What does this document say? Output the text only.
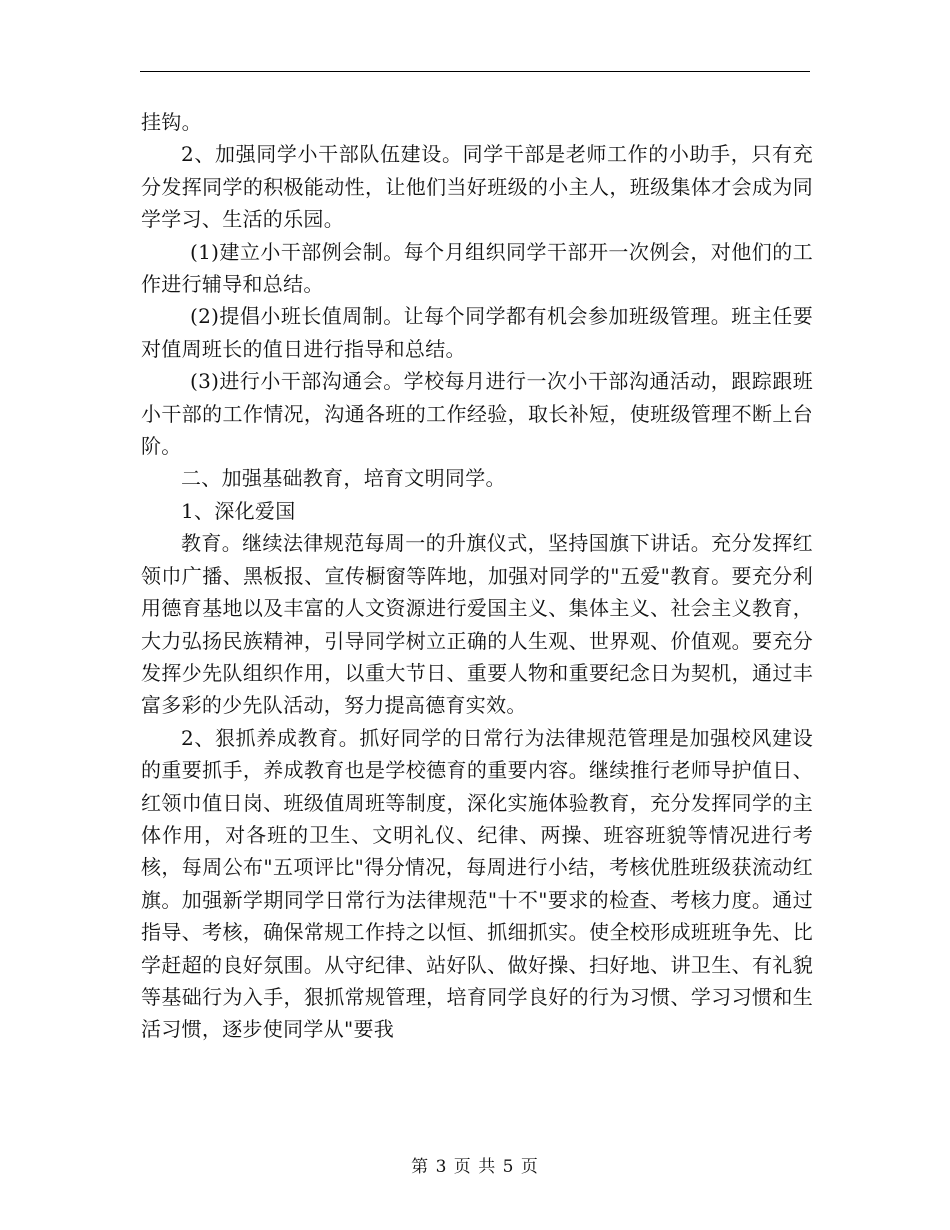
挂钩。

2、加强同学小干部队伍建设。同学干部是老师工作的小助手，只有充分发挥同学的积极能动性，让他们当好班级的小主人，班级集体才会成为同学学习、生活的乐园。

(1)建立小干部例会制。每个月组织同学干部开一次例会，对他们的工作进行辅导和总结。

(2)提倡小班长值周制。让每个同学都有机会参加班级管理。班主任要对值周班长的值日进行指导和总结。

(3)进行小干部沟通会。学校每月进行一次小干部沟通活动，跟踪跟班小干部的工作情况，沟通各班的工作经验，取长补短，使班级管理不断上台阶。

二、加强基础教育，培育文明同学。

1、深化爱国

教育。继续法律规范每周一的升旗仪式，坚持国旗下讲话。充分发挥红领巾广播、黑板报、宣传橱窗等阵地，加强对同学的"五爱"教育。要充分利用德育基地以及丰富的人文资源进行爱国主义、集体主义、社会主义教育，大力弘扬民族精神，引导同学树立正确的人生观、世界观、价值观。要充分发挥少先队组织作用，以重大节日、重要人物和重要纪念日为契机，通过丰富多彩的少先队活动，努力提高德育实效。

2、狠抓养成教育。抓好同学的日常行为法律规范管理是加强校风建设的重要抓手，养成教育也是学校德育的重要内容。继续推行老师导护值日、红领巾值日岗、班级值周班等制度，深化实施体验教育，充分发挥同学的主体作用，对各班的卫生、文明礼仪、纪律、两操、班容班貌等情况进行考核，每周公布"五项评比"得分情况，每周进行小结，考核优胜班级获流动红旗。加强新学期同学日常行为法律规范"十不"要求的检查、考核力度。通过指导、考核，确保常规工作持之以恒、抓细抓实。使全校形成班班争先、比学赶超的良好氛围。从守纪律、站好队、做好操、扫好地、讲卫生、有礼貌等基础行为入手，狠抓常规管理，培育同学良好的行为习惯、学习习惯和生活习惯，逐步使同学从"要我

第 3 页 共 5 页
